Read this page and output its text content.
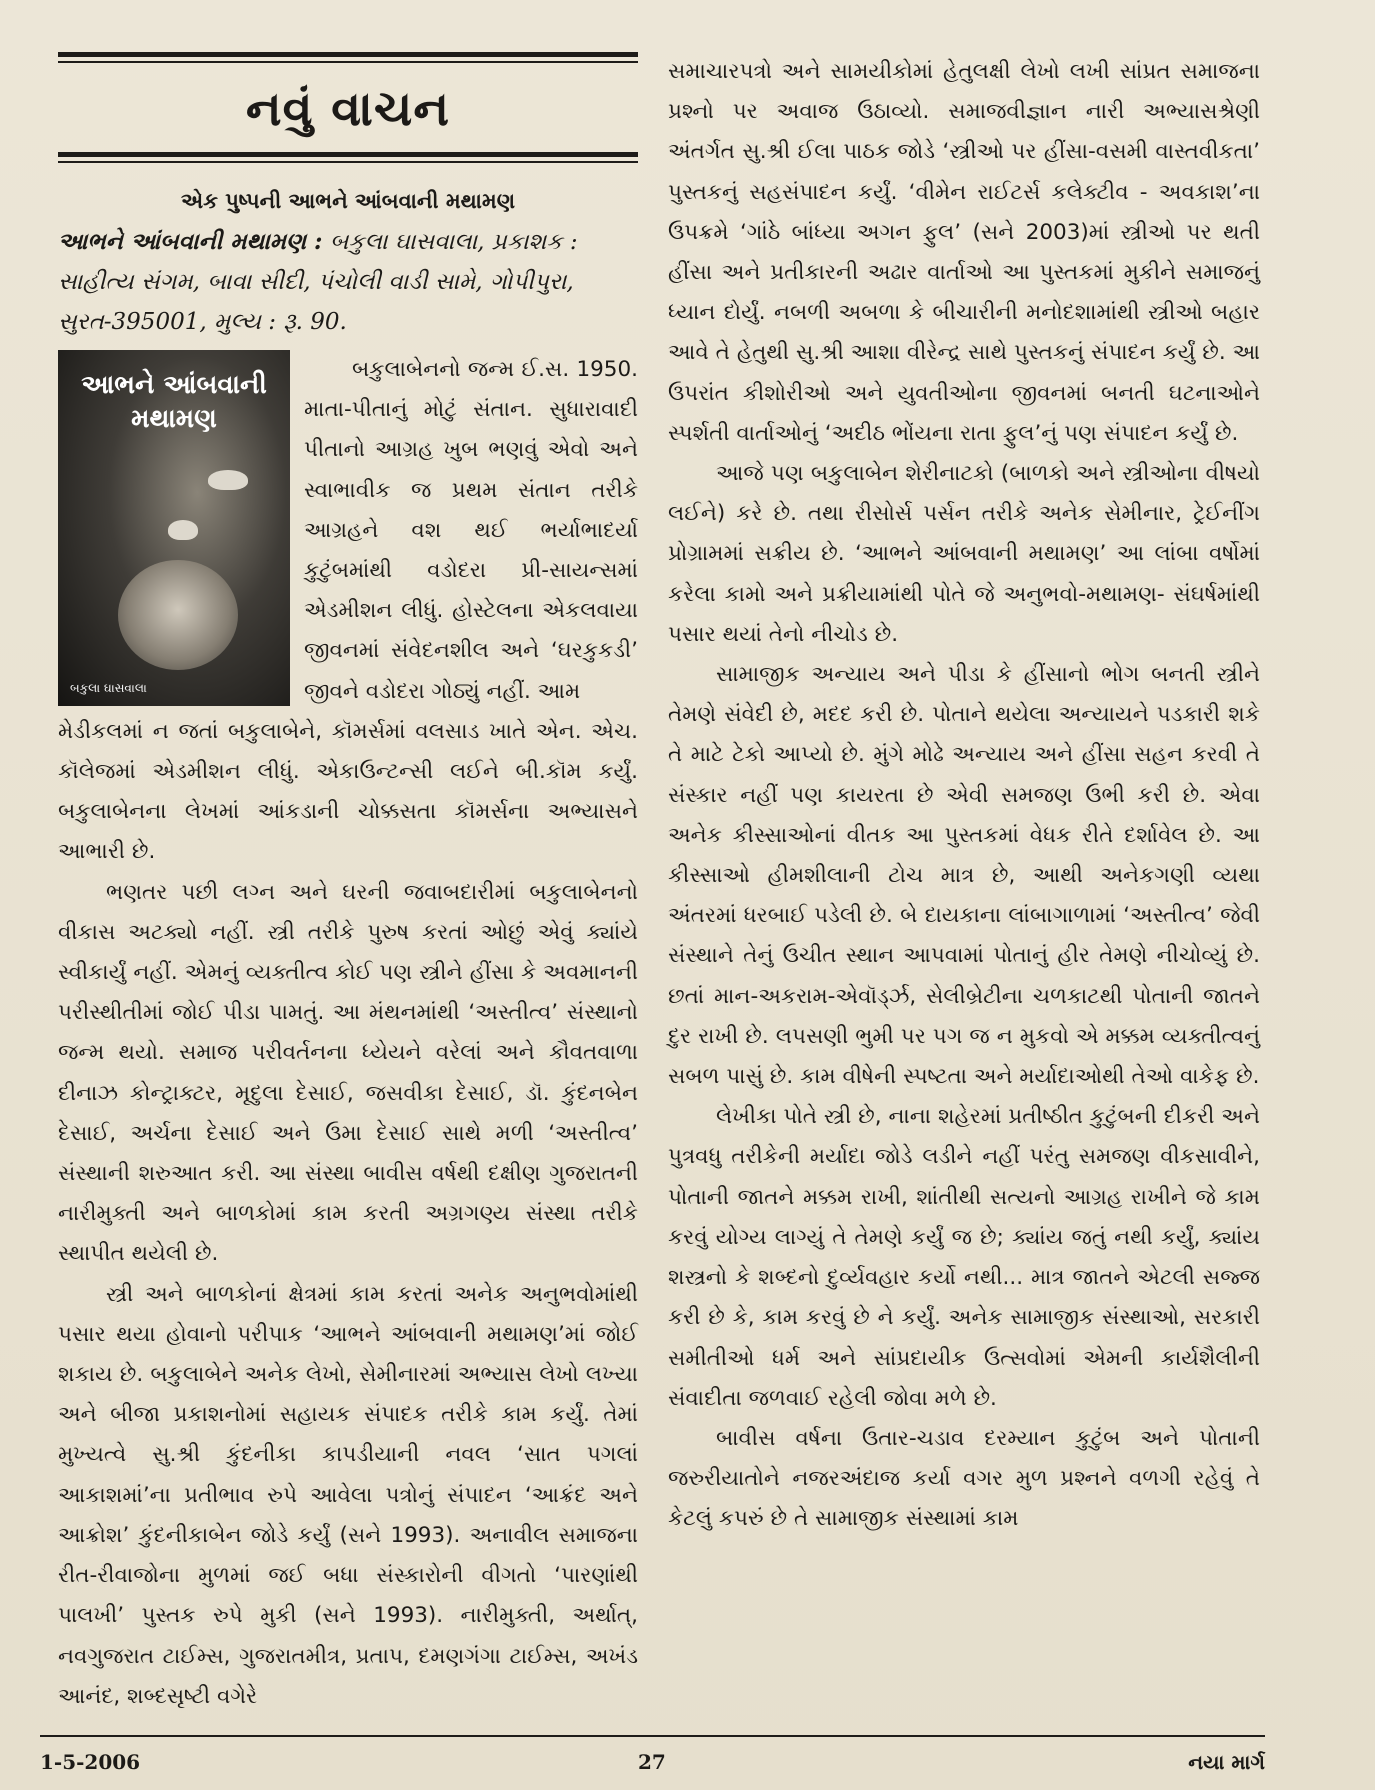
નવું વાચન
એક પુષ્પની આભને આંબવાની મથામણ

આભને આંબવાની મથામણ : બકુલા ઘાસવાલા, પ્રકાશક : સાહીત્ય સંગમ, બાવા સીદી, પંચોલી વાડી સામે, ગોપીપુરા, સુરત-395001, મુલ્ય : રૂ. 90.

આભને આંબવાની મથામણ
બકુલા ઘાસવાલા

બકુલાબેનનો જન્મ ઈ.સ. 1950. માતા-પીતાનું મોટું સંતાન. સુધારાવાદી પીતાનો આગ્રહ ખુબ ભણવું એવો અને સ્વાભાવીક જ પ્રથમ સંતાન તરીકે આગ્રહને વશ થઈ ભર્યાભાદર્યા કુટુંબમાંથી વડોદરા પ્રી-સાયન્સમાં એડમીશન લીધું. હોસ્ટેલના એકલવાયા જીવનમાં સંવેદનશીલ અને ‘ઘરકુકડી’ જીવને વડોદરા ગોઠ્યું નહીં. આમ

મેડીકલમાં ન જતાં બકુલાબેને, કૉમર્સમાં વલસાડ ખાતે એન. એચ. કૉલેજમાં એડમીશન લીધું. એકાઉન્ટન્સી લઈને બી.કૉમ કર્યું. બકુલાબેનના લેખમાં આંકડાની ચોક્કસતા કૉમર્સના અભ્યાસને આભારી છે.

ભણતર પછી લગ્ન અને ઘરની જવાબદારીમાં બકુલાબેનનો વીકાસ અટક્યો નહીં. સ્ત્રી તરીકે પુરુષ કરતાં ઓછું એવું ક્યાંયે સ્વીકાર્યું નહીં. એમનું વ્યક્તીત્વ કોઈ પણ સ્ત્રીને હીંસા કે અવમાનની પરીસ્થીતીમાં જોઈ પીડા પામતું. આ મંથનમાંથી ‘અસ્તીત્વ’ સંસ્થાનો જન્મ થયો. સમાજ પરીવર્તનના ધ્યેયને વરેલાં અને કૌવતવાળા દીનાઝ કોન્ટ્રાક્ટર, મૃદુલા દેસાઈ, જસવીકા દેસાઈ, ડૉ. કુંદનબેન દેસાઈ, અર્ચના દેસાઈ અને ઉમા દેસાઈ સાથે મળી ‘અસ્તીત્વ’ સંસ્થાની શરુઆત કરી. આ સંસ્થા બાવીસ વર્ષથી દક્ષીણ ગુજરાતની નારીમુક્તી અને બાળકોમાં કામ કરતી અગ્રગણ્ય સંસ્થા તરીકે સ્થાપીત થયેલી છે.

સ્ત્રી અને બાળકોનાં ક્ષેત્રમાં કામ કરતાં અનેક અનુભવોમાંથી પસાર થયા હોવાનો પરીપાક ‘આભને આંબવાની મથામણ’માં જોઈ શકાય છે. બકુલાબેને અનેક લેખો, સેમીનારમાં અભ્યાસ લેખો લખ્યા અને બીજા પ્રકાશનોમાં સહાયક સંપાદક તરીકે કામ કર્યું. તેમાં મુખ્યત્વે સુ.શ્રી કુંદનીકા કાપડીયાની નવલ ‘સાત પગલાં આકાશમાં’ના પ્રતીભાવ રુપે આવેલા પત્રોનું સંપાદન ‘આક્રંદ અને આક્રોશ’ કુંદનીકાબેન જોડે કર્યું (સને 1993). અનાવીલ સમાજના રીત-રીવાજોના મુળમાં જઈ બધા સંસ્કારોની વીગતો ‘પારણાંથી પાલખી’ પુસ્તક રુપે મુકી (સને 1993). નારીમુક્તી, અર્થાત્, નવગુજરાત ટાઈમ્સ, ગુજરાતમીત્ર, પ્રતાપ, દમણગંગા ટાઈમ્સ, અખંડ આનંદ, શબ્દસૃષ્ટી વગેરે

સમાચારપત્રો અને સામયીકોમાં હેતુલક્ષી લેખો લખી સાંપ્રત સમાજના પ્રશ્નો પર અવાજ ઉઠાવ્યો. સમાજવીજ્ઞાન નારી અભ્યાસશ્રેણી અંતર્ગત સુ.શ્રી ઈલા પાઠક જોડે ‘સ્ત્રીઓ પર હીંસા-વસમી વાસ્તવીકતા’ પુસ્તકનું સહસંપાદન કર્યું. ‘વીમેન રાઈટર્સ કલેક્ટીવ - અવકાશ’ના ઉપક્રમે ‘ગાંઠે બાંધ્યા અગન ફુલ’ (સને 2003)માં સ્ત્રીઓ પર થતી હીંસા અને પ્રતીકારની અઢાર વાર્તાઓ આ પુસ્તકમાં મુકીને સમાજનું ધ્યાન દોર્યું. નબળી અબળા કે બીચારીની મનોદશામાંથી સ્ત્રીઓ બહાર આવે તે હેતુથી સુ.શ્રી આશા વીરેન્દ્ર સાથે પુસ્તકનું સંપાદન કર્યું છે. આ ઉપરાંત કીશોરીઓ અને યુવતીઓના જીવનમાં બનતી ઘટનાઓને સ્પર્શતી વાર્તાઓનું ‘અદીઠ ભોંયના રાતા ફુલ’નું પણ સંપાદન કર્યું છે.

આજે પણ બકુલાબેન શેરીનાટકો (બાળકો અને સ્ત્રીઓના વીષયો લઈને) કરે છે. તથા રીસોર્સ પર્સન તરીકે અનેક સેમીનાર, ટ્રેઈનીંગ પ્રોગ્રામમાં સક્રીય છે. ‘આભને આંબવાની મથામણ’ આ લાંબા વર્ષોમાં કરેલા કામો અને પ્રક્રીયામાંથી પોતે જે અનુભવો-મથામણ- સંઘર્ષમાંથી પસાર થયાં તેનો નીચોડ છે.

સામાજીક અન્યાય અને પીડા કે હીંસાનો ભોગ બનતી સ્ત્રીને તેમણે સંવેદી છે, મદદ કરી છે. પોતાને થયેલા અન્યાયને પડકારી શકે તે માટે ટેકો આપ્યો છે. મુંગે મોઢે અન્યાય અને હીંસા સહન કરવી તે સંસ્કાર નહીં પણ કાયરતા છે એવી સમજણ ઉભી કરી છે. એવા અનેક કીસ્સાઓનાં વીતક આ પુસ્તકમાં વેધક રીતે દર્શાવેલ છે. આ કીસ્સાઓ હીમશીલાની ટોચ માત્ર છે, આથી અનેકગણી વ્યથા અંતરમાં ધરબાઈ પડેલી છે. બે દાયકાના લાંબાગાળામાં ‘અસ્તીત્વ’ જેવી સંસ્થાને તેનું ઉચીત સ્થાન આપવામાં પોતાનું હીર તેમણે નીચોવ્યું છે. છતાં માન-અકરામ-એવૉર્ડ્ઝ, સેલીબ્રેટીના ચળકાટથી પોતાની જાતને દુર રાખી છે. લપસણી ભુમી પર પગ જ ન મુકવો એ મક્કમ વ્યક્તીત્વનું સબળ પાસું છે. કામ વીષેની સ્પષ્ટતા અને મર્યાદાઓથી તેઓ વાકેફ છે.

લેખીકા પોતે સ્ત્રી છે, નાના શહેરમાં પ્રતીષ્ઠીત કુટુંબની દીકરી અને પુત્રવધુ તરીકેની મર્યાદા જોડે લડીને નહીં પરંતુ સમજણ વીકસાવીને, પોતાની જાતને મક્કમ રાખી, શાંતીથી સત્યનો આગ્રહ રાખીને જે કામ કરવું યોગ્ય લાગ્યું તે તેમણે કર્યું જ છે; ક્યાંય જતું નથી કર્યું, ક્યાંય શસ્ત્રનો કે શબ્દનો દુર્વ્યવહાર કર્યો નથી... માત્ર જાતને એટલી સજ્જ કરી છે કે, કામ કરવું છે ને કર્યું. અનેક સામાજીક સંસ્થાઓ, સરકારી સમીતીઓ ધર્મ અને સાંપ્રદાયીક ઉત્સવોમાં એમની કાર્યશૈલીની સંવાદીતા જળવાઈ રહેલી જોવા મળે છે.

બાવીસ વર્ષના ઉતાર-ચડાવ દરમ્યાન કુટુંબ અને પોતાની જરુરીયાતોને નજરઅંદાજ કર્યા વગર મુળ પ્રશ્નને વળગી રહેવું તે કેટલું કપરું છે તે સામાજીક સંસ્થામાં કામ

1-5-2006	27	નયા માર્ગ
